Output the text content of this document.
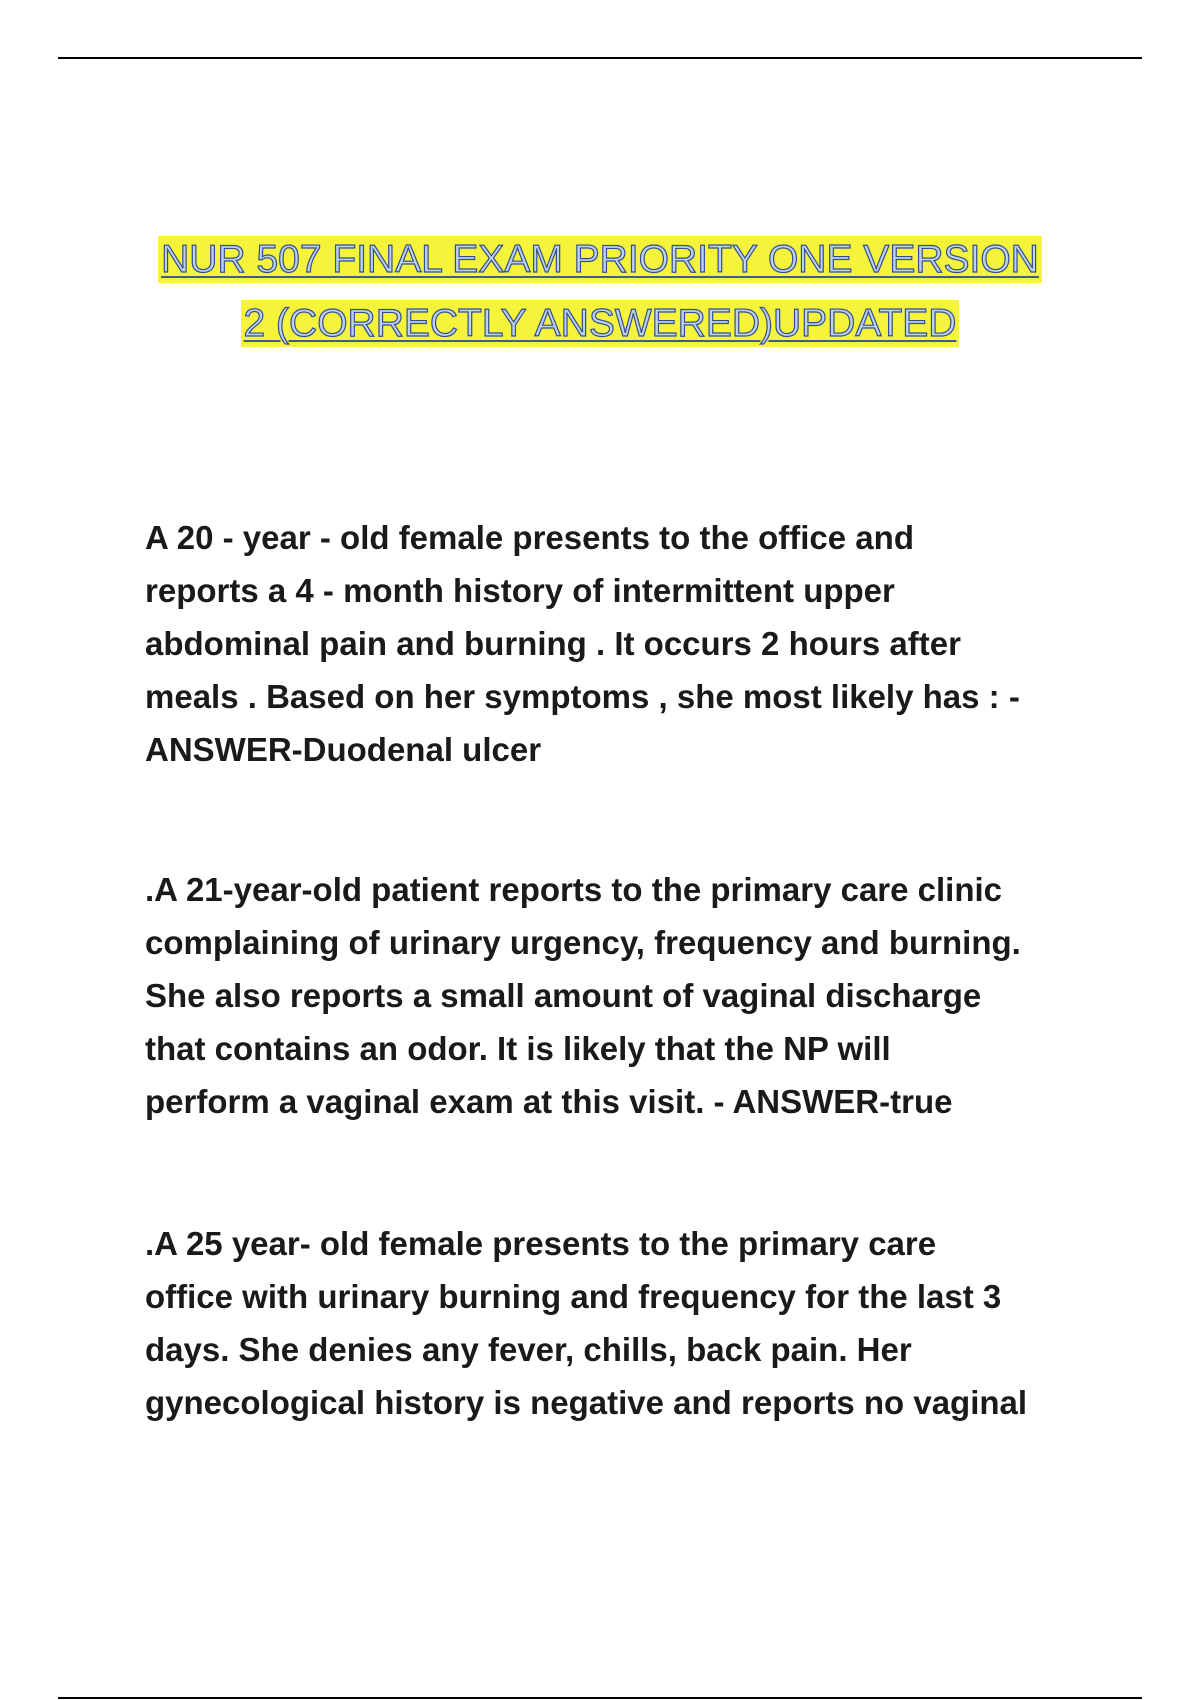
NUR 507 FINAL EXAM PRIORITY ONE VERSION
2 (CORRECTLY ANSWERED)UPDATED

A 20 - year - old female presents to the office and
reports a 4 - month history of intermittent upper
abdominal pain and burning . It occurs 2 hours after
meals . Based on her symptoms , she most likely has : -
ANSWER-Duodenal ulcer

.A 21-year-old patient reports to the primary care clinic
complaining of urinary urgency, frequency and burning.
She also reports a small amount of vaginal discharge
that contains an odor. It is likely that the NP will
perform a vaginal exam at this visit. - ANSWER-true

.A 25 year- old female presents to the primary care
office with urinary burning and frequency for the last 3
days. She denies any fever, chills, back pain. Her
gynecological history is negative and reports no vaginal
